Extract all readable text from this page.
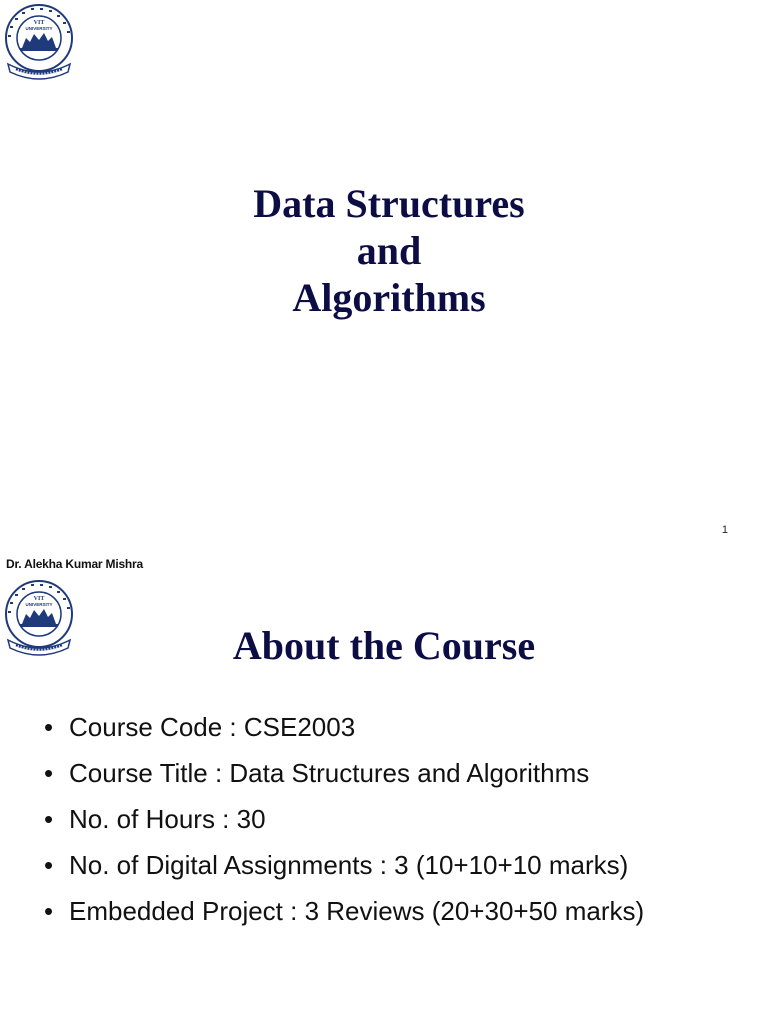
VIT
UNIVERSITY
Data Structures
and
Algorithms
1
Dr. Alekha Kumar Mishra
VIT
UNIVERSITY
About the Course
• Course Code : CSE2003
• Course Title : Data Structures and Algorithms
• No. of Hours : 30
• No. of Digital Assignments : 3 (10+10+10 marks)
• Embedded Project : 3 Reviews (20+30+50 marks)
